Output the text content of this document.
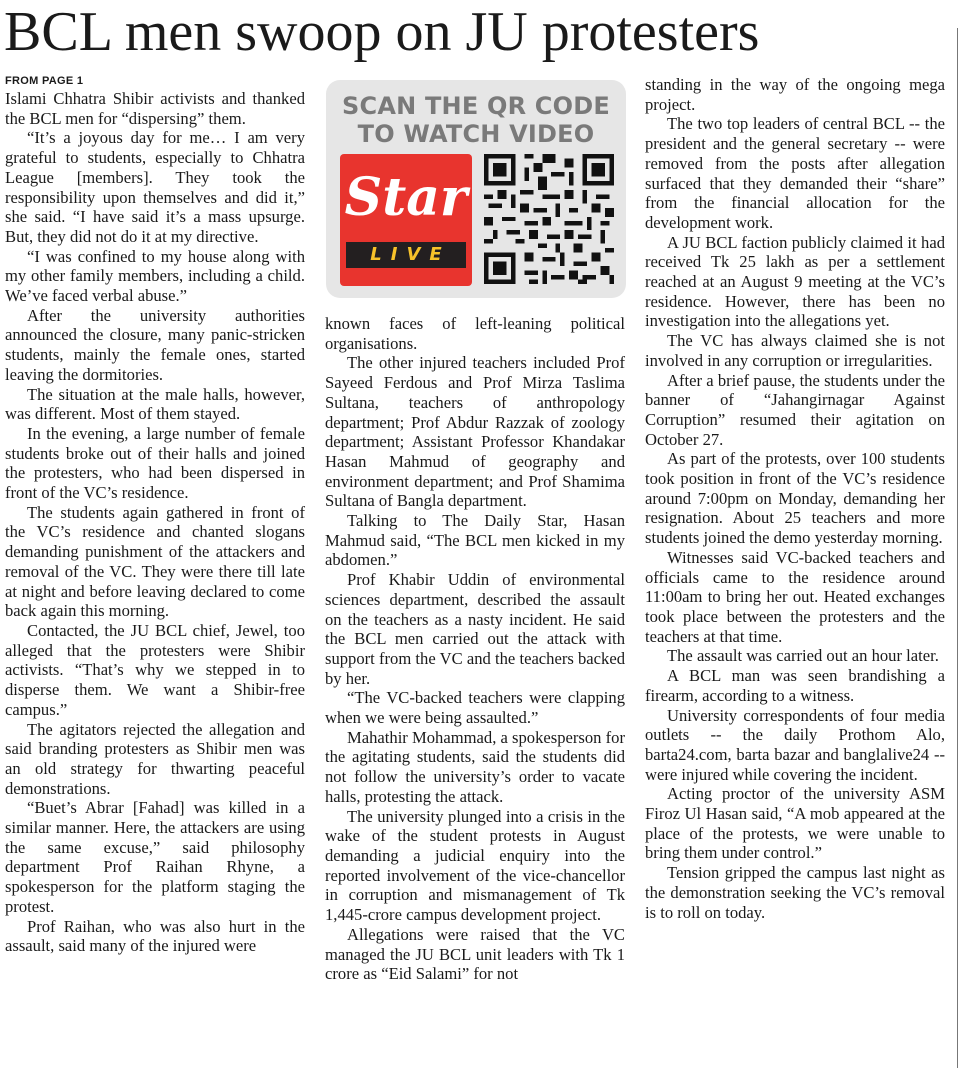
BCL men swoop on JU protesters

FROM PAGE 1

Islami Chhatra Shibir activists and thanked the BCL men for “dispersing” them.

“It’s a joyous day for me… I am very grateful to students, especially to Chhatra League [members]. They took the responsibility upon themselves and did it,” she said. “I have said it’s a mass upsurge. But, they did not do it at my directive.

“I was confined to my house along with my other family members, including a child. We’ve faced verbal abuse.”

After the university authorities announced the closure, many panic-stricken students, mainly the female ones, started leaving the dormitories.

The situation at the male halls, however, was different. Most of them stayed.

In the evening, a large number of female students broke out of their halls and joined the protesters, who had been dispersed in front of the VC’s residence.

The students again gathered in front of the VC’s residence and chanted slogans demanding punishment of the attackers and removal of the VC. They were there till late at night and before leaving declared to come back again this morning.

Contacted, the JU BCL chief, Jewel, too alleged that the protesters were Shibir activists. “That’s why we stepped in to disperse them. We want a Shibir-free campus.”

The agitators rejected the allegation and said branding protesters as Shibir men was an old strategy for thwarting peaceful demonstrations.

“Buet’s Abrar [Fahad] was killed in a similar manner. Here, the attackers are using the same excuse,” said philosophy department Prof Raihan Rhyne, a spokesperson for the platform staging the protest.

Prof Raihan, who was also hurt in the assault, said many of the injured were

SCAN THE QR CODE
TO WATCH VIDEO
Star
LIVE

known faces of left-leaning political organisations.

The other injured teachers included Prof Sayeed Ferdous and Prof Mirza Taslima Sultana, teachers of anthropology department; Prof Abdur Razzak of zoology department; Assistant Professor Khandakar Hasan Mahmud of geography and environment department; and Prof Shamima Sultana of Bangla department.

Talking to The Daily Star, Hasan Mahmud said, “The BCL men kicked in my abdomen.”

Prof Khabir Uddin of environmental sciences department, described the assault on the teachers as a nasty incident. He said the BCL men carried out the attack with support from the VC and the teachers backed by her.

“The VC-backed teachers were clapping when we were being assaulted.”

Mahathir Mohammad, a spokesperson for the agitating students, said the students did not follow the university’s order to vacate halls, protesting the attack.

The university plunged into a crisis in the wake of the student protests in August demanding a judicial enquiry into the reported involvement of the vice-chancellor in corruption and mismanagement of Tk 1,445-crore campus development project.

Allegations were raised that the VC managed the JU BCL unit leaders with Tk 1 crore as “Eid Salami” for not

standing in the way of the ongoing mega project.

The two top leaders of central BCL -- the president and the general secretary -- were removed from the posts after allegation surfaced that they demanded their “share” from the financial allocation for the development work.

A JU BCL faction publicly claimed it had received Tk 25 lakh as per a settlement reached at an August 9 meeting at the VC’s residence. However, there has been no investigation into the allegations yet.

The VC has always claimed she is not involved in any corruption or irregularities.

After a brief pause, the students under the banner of “Jahangirnagar Against Corruption” resumed their agitation on October 27.

As part of the protests, over 100 students took position in front of the VC’s residence around 7:00pm on Monday, demanding her resignation. About 25 teachers and more students joined the demo yesterday morning.

Witnesses said VC-backed teachers and officials came to the residence around 11:00am to bring her out. Heated exchanges took place between the protesters and the teachers at that time.

The assault was carried out an hour later.

A BCL man was seen brandishing a firearm, according to a witness.

University correspondents of four media outlets -- the daily Prothom Alo, barta24.com, barta bazar and banglalive24 -- were injured while covering the incident.

Acting proctor of the university ASM Firoz Ul Hasan said, “A mob appeared at the place of the protests, we were unable to bring them under control.”

Tension gripped the campus last night as the demonstration seeking the VC’s removal is to roll on today.
